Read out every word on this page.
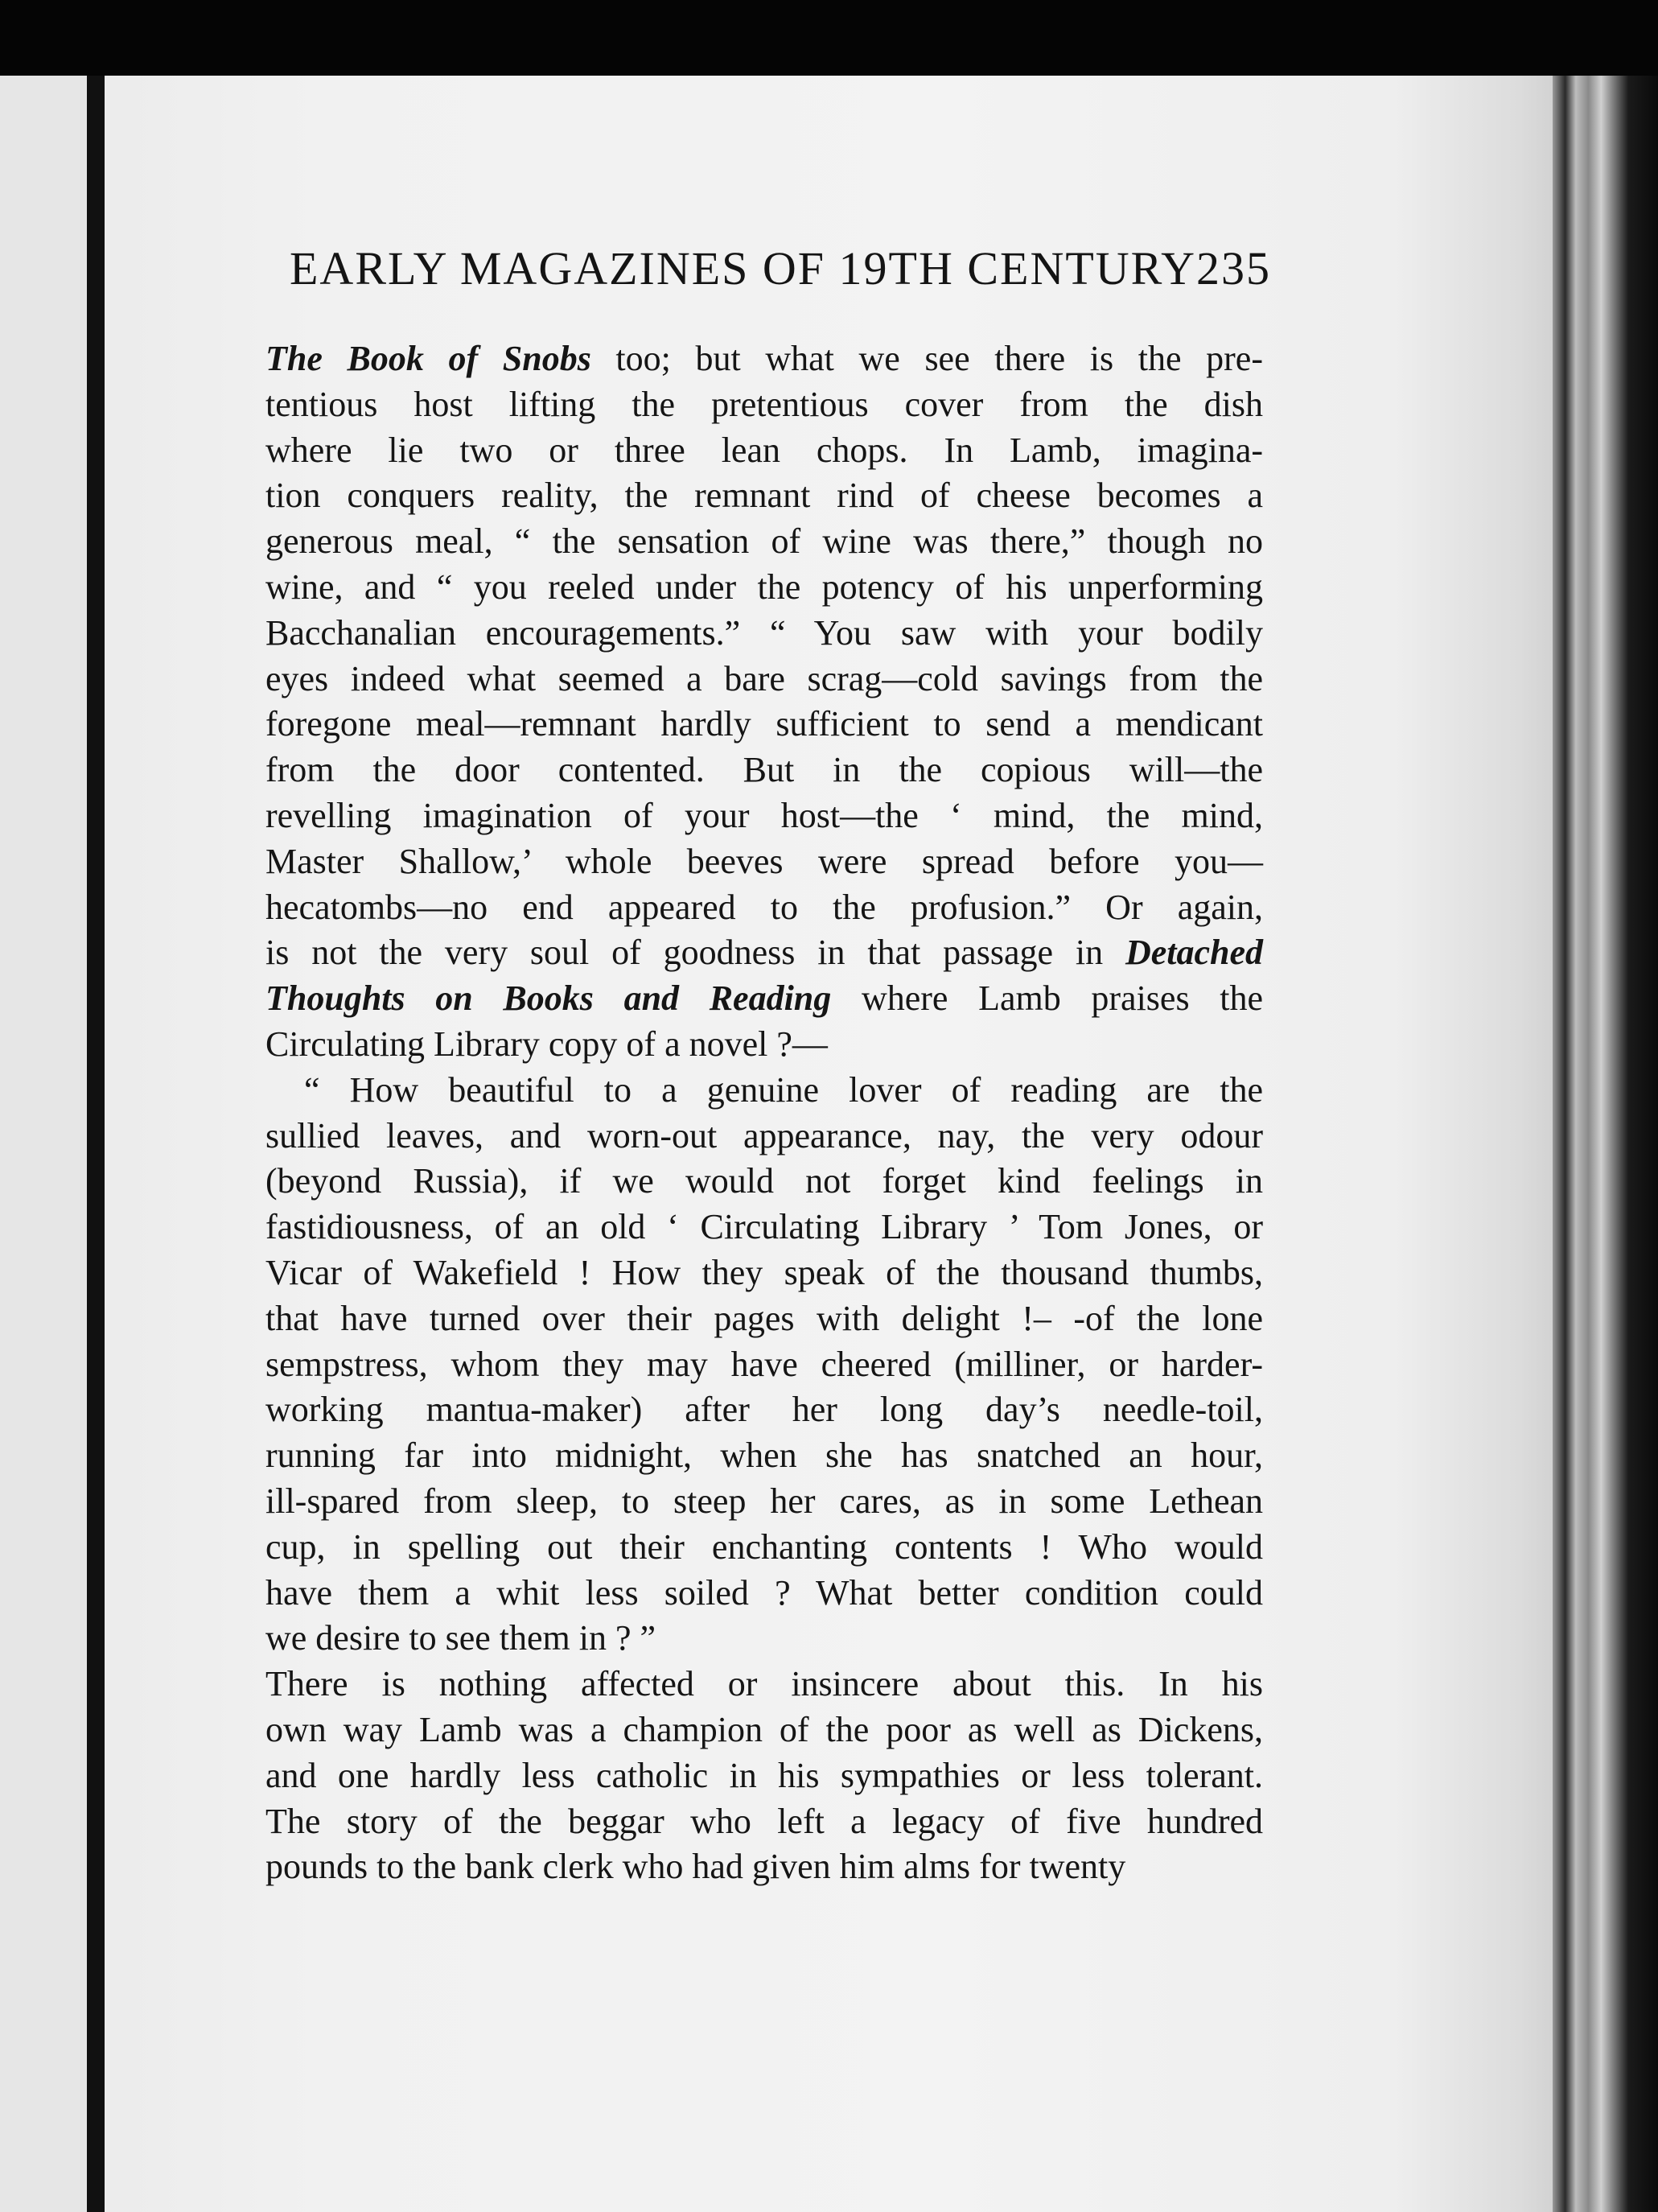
EARLY MAGAZINES OF 19TH CENTURY 235
The Book of Snobs too; but what we see there is the pre-
tentious host lifting the pretentious cover from the dish
where lie two or three lean chops. In Lamb, imagina-
tion conquers reality, the remnant rind of cheese becomes a
generous meal, “ the sensation of wine was there,” though no
wine, and “ you reeled under the potency of his unperforming
Bacchanalian encouragements.” “ You saw with your bodily
eyes indeed what seemed a bare scrag—cold savings from the
foregone meal—remnant hardly sufficient to send a mendicant
from the door contented. But in the copious will—the
revelling imagination of your host—the ‘ mind, the mind,
Master Shallow,’ whole beeves were spread before you—
hecatombs—no end appeared to the profusion.” Or again,
is not the very soul of goodness in that passage in Detached
Thoughts on Books and Reading where Lamb praises the
Circulating Library copy of a novel ?—
“ How beautiful to a genuine lover of reading are the
sullied leaves, and worn-out appearance, nay, the very odour
(beyond Russia), if we would not forget kind feelings in
fastidiousness, of an old ‘ Circulating Library ’ Tom Jones, or
Vicar of Wakefield ! How they speak of the thousand thumbs,
that have turned over their pages with delight !– -of the lone
sempstress, whom they may have cheered (milliner, or harder-
working mantua-maker) after her long day’s needle-toil,
running far into midnight, when she has snatched an hour,
ill-spared from sleep, to steep her cares, as in some Lethean
cup, in spelling out their enchanting contents ! Who would
have them a whit less soiled ? What better condition could
we desire to see them in ? ”
There is nothing affected or insincere about this. In his
own way Lamb was a champion of the poor as well as Dickens,
and one hardly less catholic in his sympathies or less tolerant.
The story of the beggar who left a legacy of five hundred
pounds to the bank clerk who had given him alms for twenty
